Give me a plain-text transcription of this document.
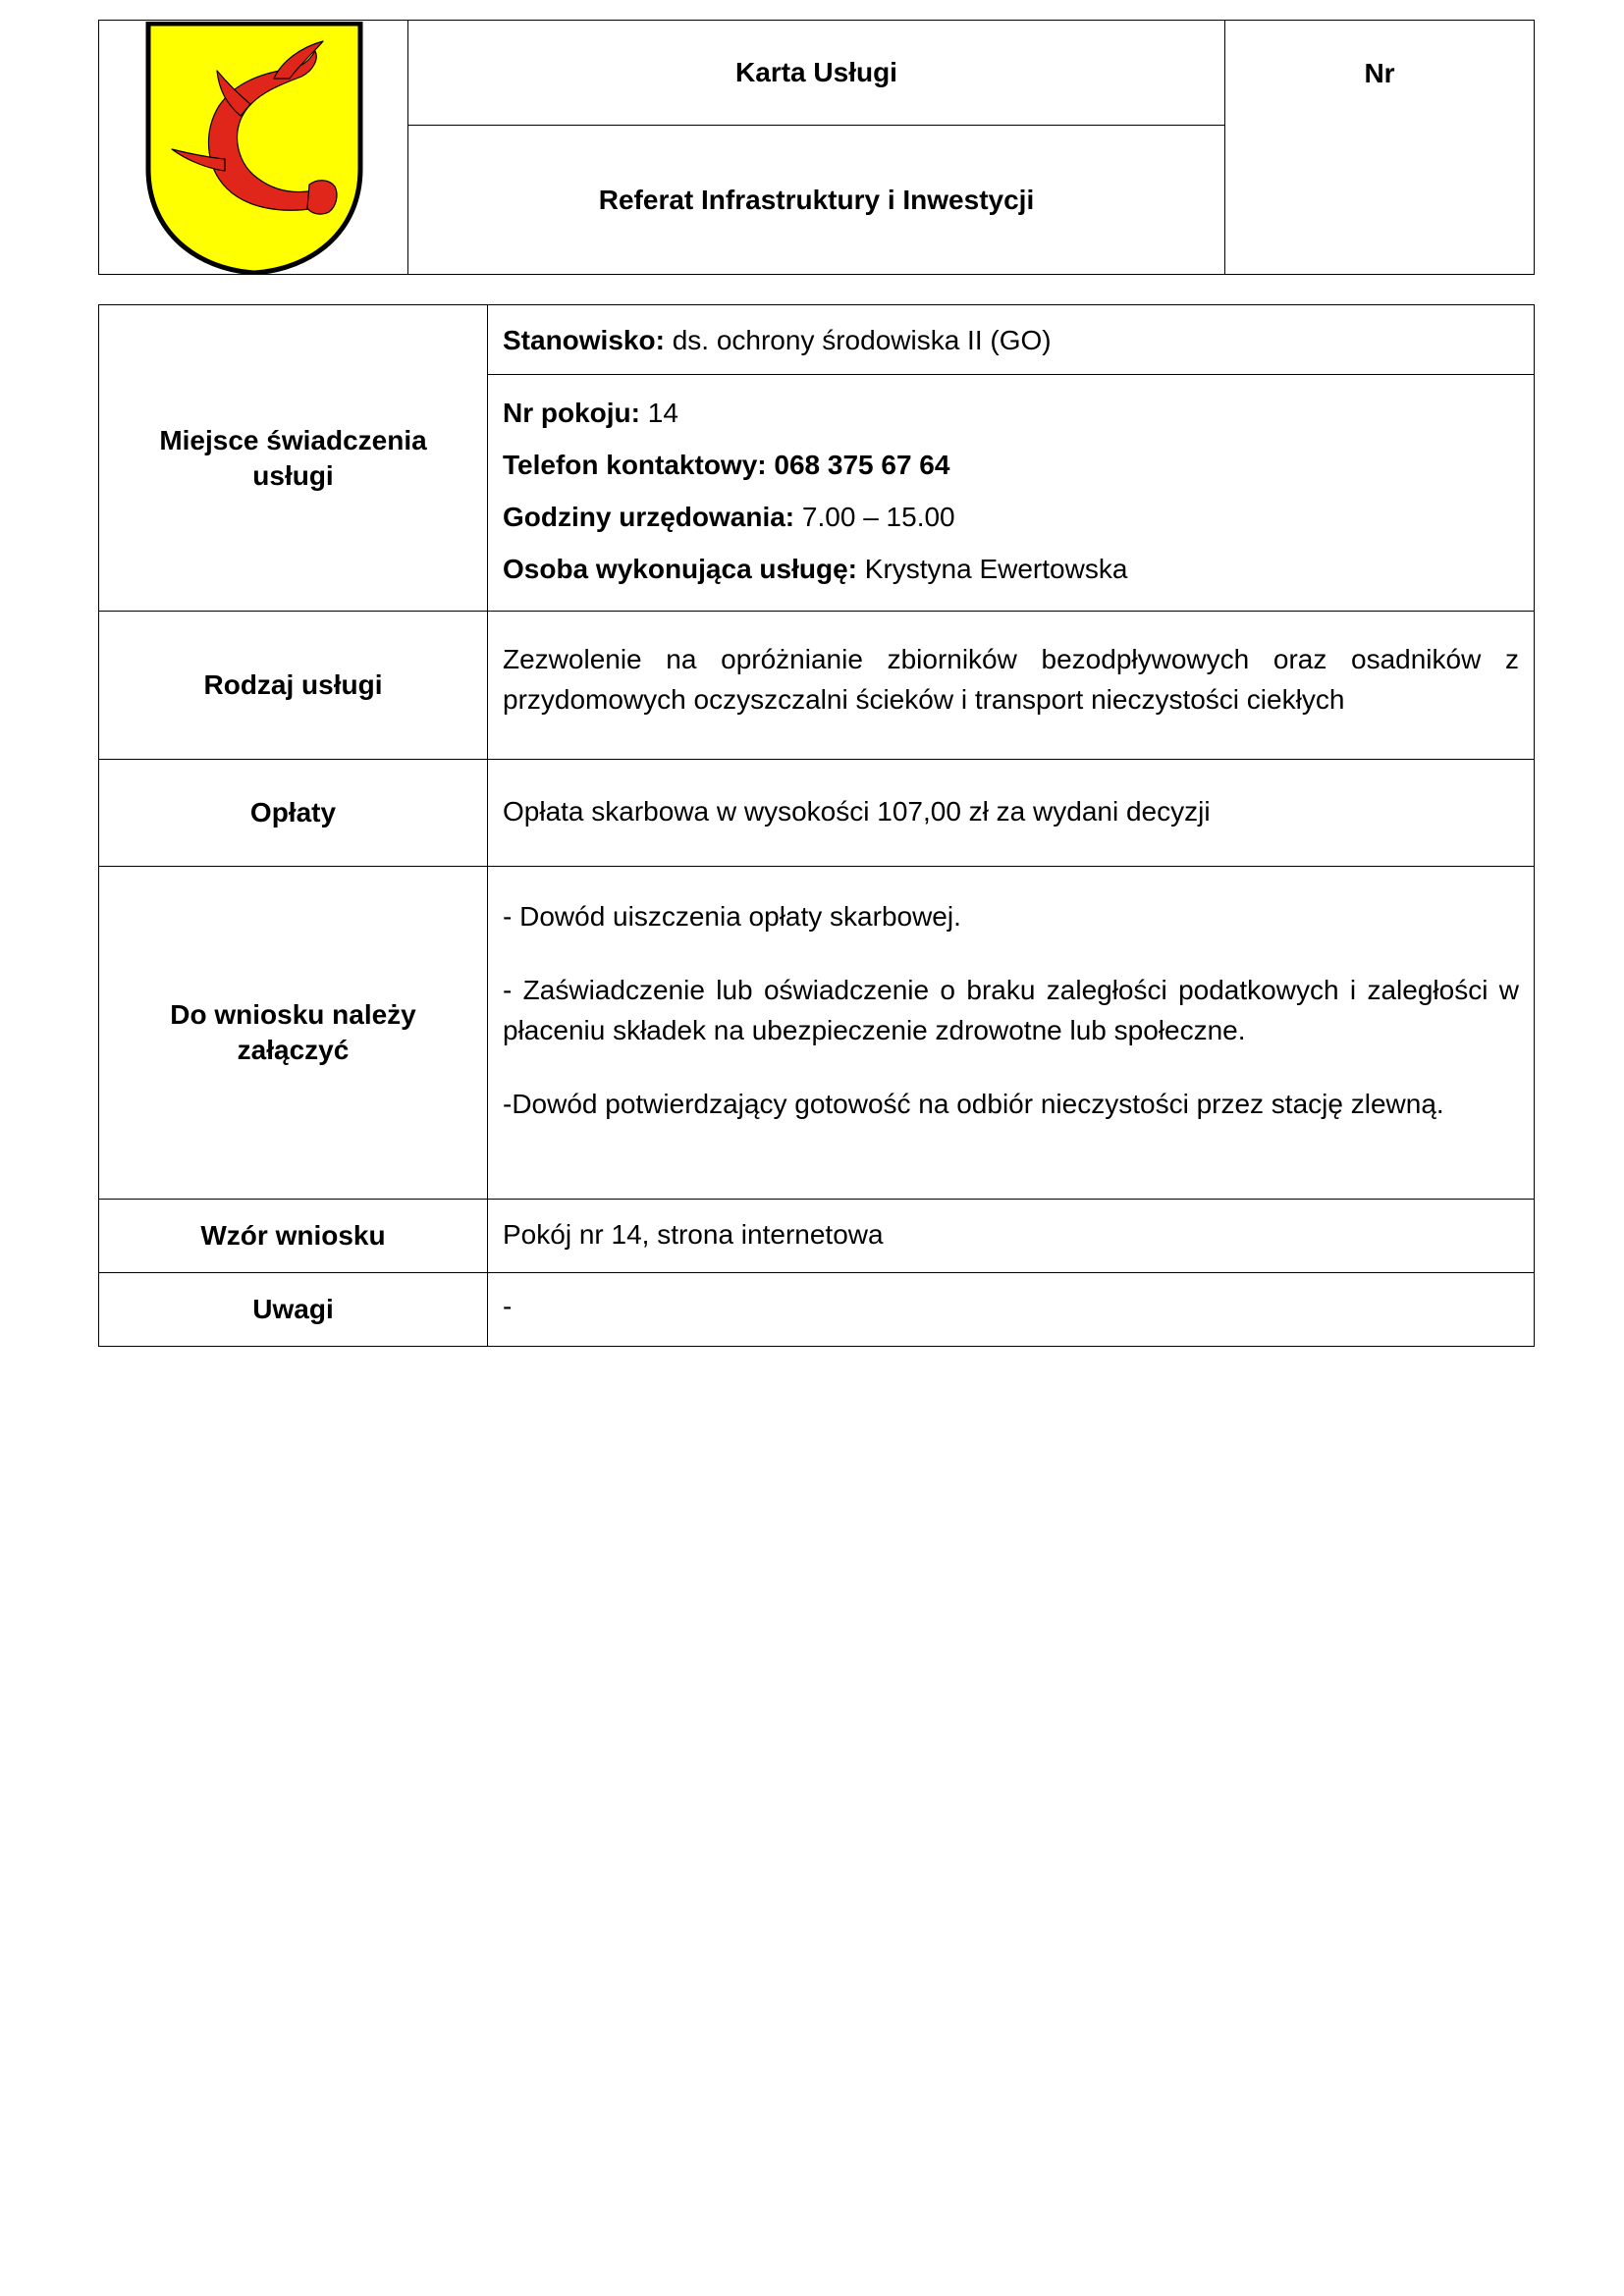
Karta Usługi
Referat Infrastruktury i Inwestycji
Nr
Miejsce świadczenia usługi	Stanowisko: ds. ochrony środowiska II (GO)

Nr pokoju: 14

Telefon kontaktowy: 068 375 67 64

Godziny urzędowania: 7.00 – 15.00

Osoba wykonująca usługę: Krystyna Ewertowska

Rodzaj usługi	Zezwolenie na opróżnianie zbiorników bezodpływowych oraz osadników z przydomowych oczyszczalni ścieków i transport nieczystości ciekłych

Opłaty	Opłata skarbowa w wysokości 107,00 zł za wydani decyzji

Do wniosku należy załączyć	- Dowód uiszczenia opłaty skarbowej.

- Zaświadczenie lub oświadczenie o braku zaległości podatkowych i zaległości w płaceniu składek na ubezpieczenie zdrowotne lub społeczne.

-Dowód potwierdzający gotowość na odbiór nieczystości przez stację zlewną.

Wzór wniosku	Pokój nr 14, strona internetowa

Uwagi	-
